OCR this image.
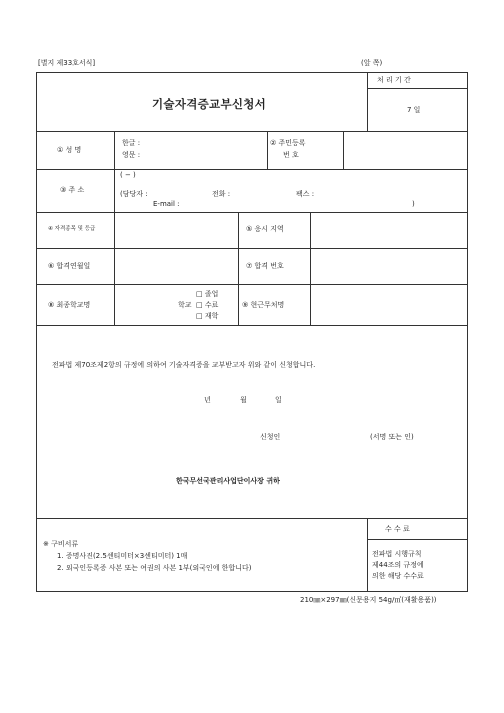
[별지 제33호서식]	(앞 쪽)
기술자격증교부신청서
처 리 기 간
7 일
① 성 명
한글 :
영문 :
② 주민등록
번 호
③ 주 소
( − )
(담당자 :	전화 :	팩스 :
E-mail :	)
④ 자격종목 및 등급	⑤ 응시 지역
⑥ 합격연월일	⑦ 합격 번호
⑧ 최종학교명
□ 졸업
학교 □ 수료
□ 재학
⑨ 현근무처명
전파법 제70조제2항의 규정에 의하여 기술자격증을 교부받고자 위와 같이 신청합니다.
년	월	일
신청인	(서명 또는 인)
한국무선국관리사업단이사장 귀하
※ 구비서류
1. 증명사진(2.5센티미터×3센티미터) 1매
2. 외국인등록증 사본 또는 여권의 사본 1부(외국인에 한합니다)
수 수 료
전파법 시행규칙
제44조의 규정에
의한 해당 수수료
210㎜×297㎜(신문용지 54g/㎡(재활용품))
